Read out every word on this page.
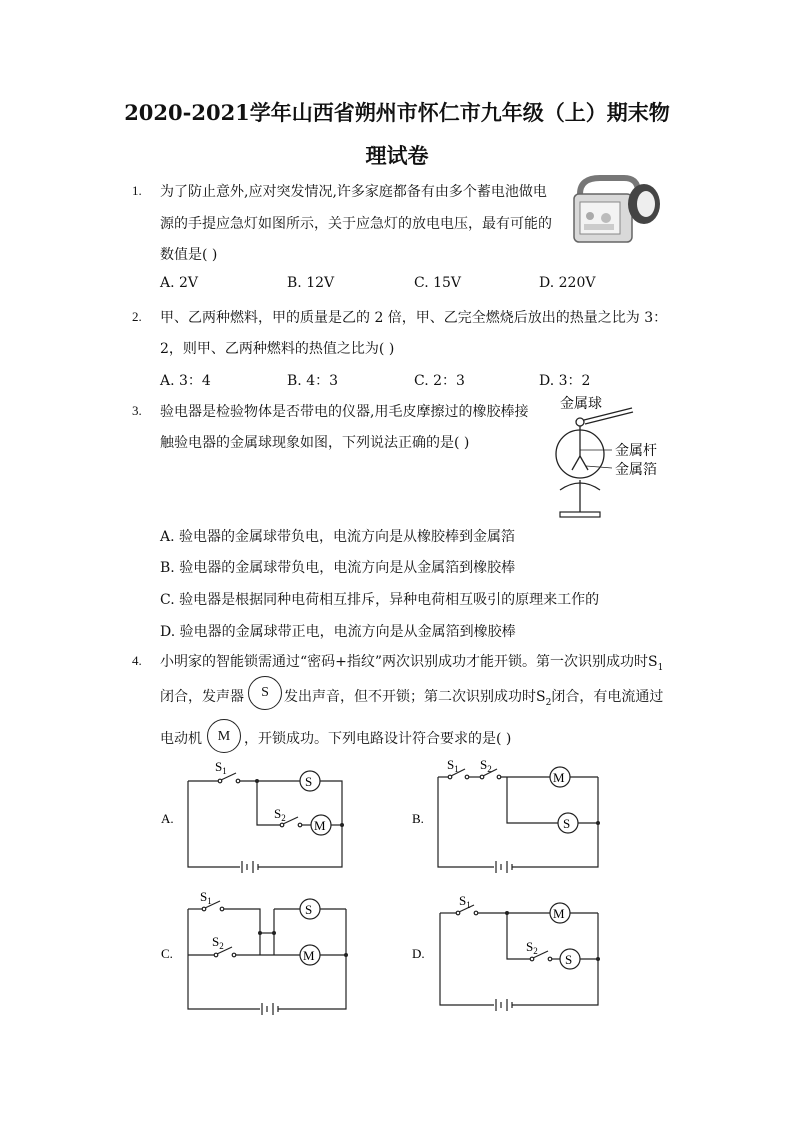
2020-2021学年山西省朔州市怀仁市九年级（上）期末物
理试卷
1. 为了防止意外,应对突发情况,许多家庭都备有由多个蓄电池做电
源的手提应急灯如图所示，关于应急灯的放电电压，最有可能的
数值是( )
A. 2V	B. 12V	C. 15V	D. 220V
2. 甲、乙两种燃料，甲的质量是乙的 2 倍，甲、乙完全燃烧后放出的热量之比为 3：
2，则甲、乙两种燃料的热值之比为( )
A. 3：4	B. 4：3	C. 2：3	D. 3：2
3. 验电器是检验物体是否带电的仪器,用毛皮摩擦过的橡胶棒接
触验电器的金属球现象如图，下列说法正确的是( )
金属球
金属杆
金属箔
A. 验电器的金属球带负电，电流方向是从橡胶棒到金属箔
B. 验电器的金属球带负电，电流方向是从金属箔到橡胶棒
C. 验电器是根据同种电荷相互排斥，异种电荷相互吸引的原理来工作的
D. 验电器的金属球带正电，电流方向是从金属箔到橡胶棒
4. 小明家的智能锁需通过“密码+指纹”两次识别成功才能开锁。第一次识别成功时$S_1$
闭合，发声器	S	发出声音，但不开锁；第二次识别成功时$S_2$闭合，有电流通过
电动机	M ，开锁成功。下列电路设计符合要求的是( )
A.
$S_1$
S
$S_2$ M	B.
$S_1$ $S_2$
M
S
C.
$S_1$
$S_2$
S
M	D.
$S_1$
M
$S_2$
S
